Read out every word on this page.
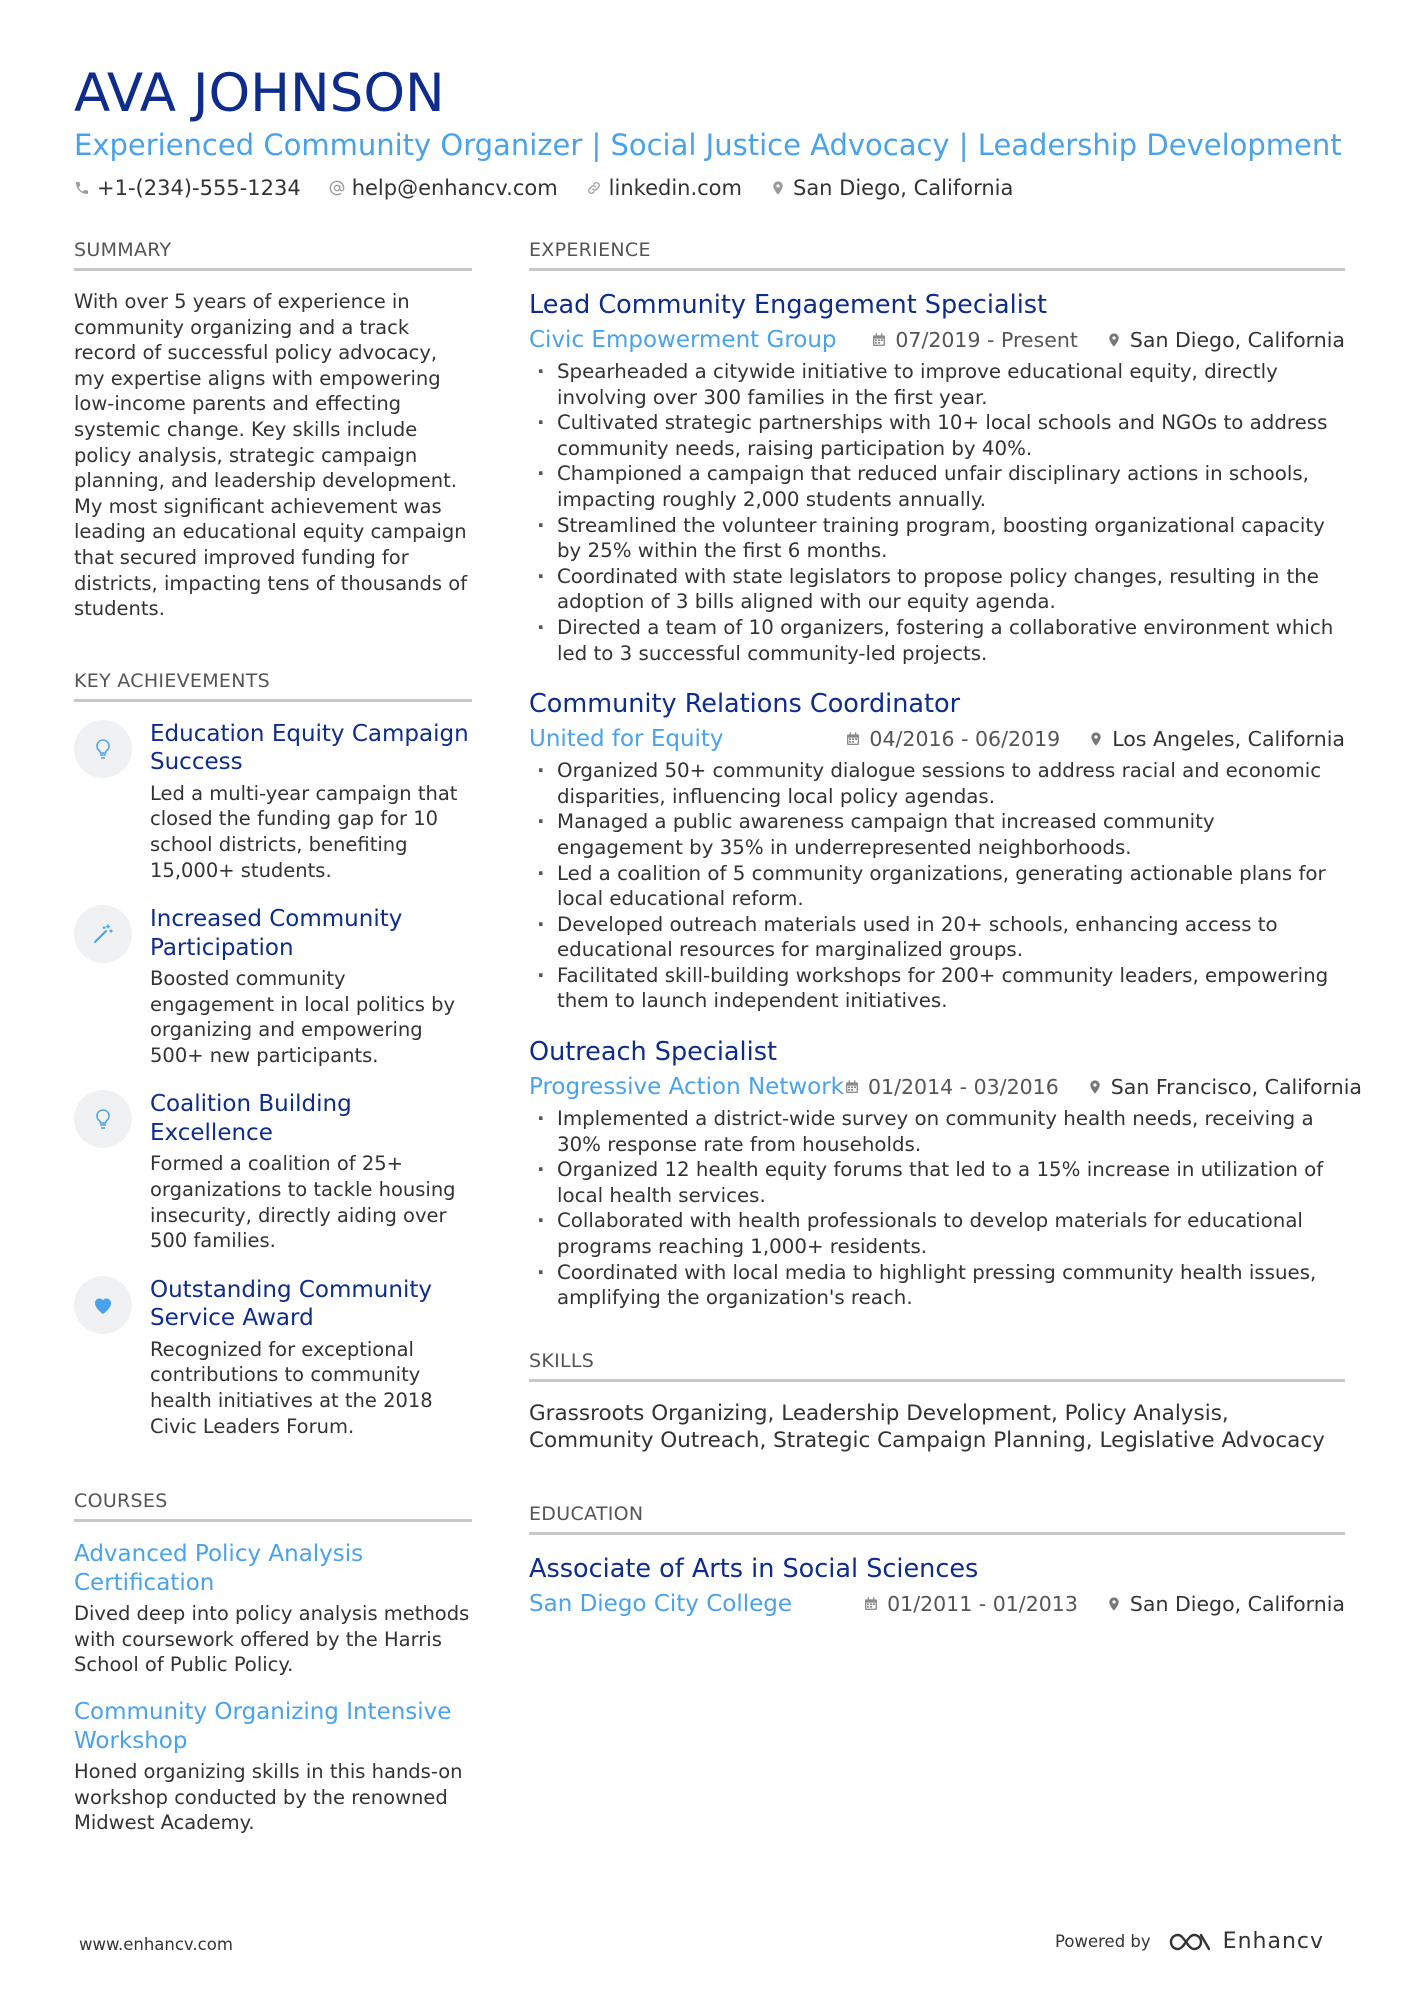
AVA JOHNSON
Experienced Community Organizer | Social Justice Advocacy | Leadership Development
+1-(234)-555-1234 help@enhancv.com linkedin.com San Diego, California
SUMMARY

With over 5 years of experience in community organizing and a track record of successful policy advocacy, my expertise aligns with empowering low-income parents and effecting systemic change. Key skills include policy analysis, strategic campaign planning, and leadership development. My most significant achievement was leading an educational equity campaign that secured improved funding for districts, impacting tens of thousands of students.

KEY ACHIEVEMENTS
Education Equity Campaign Success
Led a multi-year campaign that closed the funding gap for 10 school districts, benefiting 15,000+ students.
Increased Community Participation
Boosted community engagement in local politics by organizing and empowering 500+ new participants.
Coalition Building Excellence
Formed a coalition of 25+ organizations to tackle housing insecurity, directly aiding over 500 families.
Outstanding Community Service Award
Recognized for exceptional contributions to community health initiatives at the 2018 Civic Leaders Forum.
COURSES
Advanced Policy Analysis Certification
Dived deep into policy analysis methods with coursework offered by the Harris School of Public Policy.
Community Organizing Intensive Workshop
Honed organizing skills in this hands-on workshop conducted by the renowned Midwest Academy.
EXPERIENCE
Lead Community Engagement Specialist
Civic Empowerment Group	07/2019 - Present	San Diego, California
· Spearheaded a citywide initiative to improve educational equity, directly involving over 300 families in the first year.
· Cultivated strategic partnerships with 10+ local schools and NGOs to address community needs, raising participation by 40%.
· Championed a campaign that reduced unfair disciplinary actions in schools, impacting roughly 2,000 students annually.
· Streamlined the volunteer training program, boosting organizational capacity by 25% within the first 6 months.
· Coordinated with state legislators to propose policy changes, resulting in the adoption of 3 bills aligned with our equity agenda.
· Directed a team of 10 organizers, fostering a collaborative environment which led to 3 successful community-led projects.
Community Relations Coordinator
United for Equity	04/2016 - 06/2019	Los Angeles, California
· Organized 50+ community dialogue sessions to address racial and economic disparities, influencing local policy agendas.
· Managed a public awareness campaign that increased community engagement by 35% in underrepresented neighborhoods.
· Led a coalition of 5 community organizations, generating actionable plans for local educational reform.
· Developed outreach materials used in 20+ schools, enhancing access to educational resources for marginalized groups.
· Facilitated skill-building workshops for 200+ community leaders, empowering them to launch independent initiatives.
Outreach Specialist
Progressive Action Network 01/2014 - 03/2016	San Francisco, California
· Implemented a district-wide survey on community health needs, receiving a 30% response rate from households.
· Organized 12 health equity forums that led to a 15% increase in utilization of local health services.
· Collaborated with health professionals to develop materials for educational programs reaching 1,000+ residents.
· Coordinated with local media to highlight pressing community health issues, amplifying the organization's reach.
SKILLS

Grassroots Organizing, Leadership Development, Policy Analysis, Community Outreach, Strategic Campaign Planning, Legislative Advocacy

EDUCATION
Associate of Arts in Social Sciences
San Diego City College	01/2011 - 01/2013	San Diego, California
www.enhancv.com	Powered by	Enhancv
